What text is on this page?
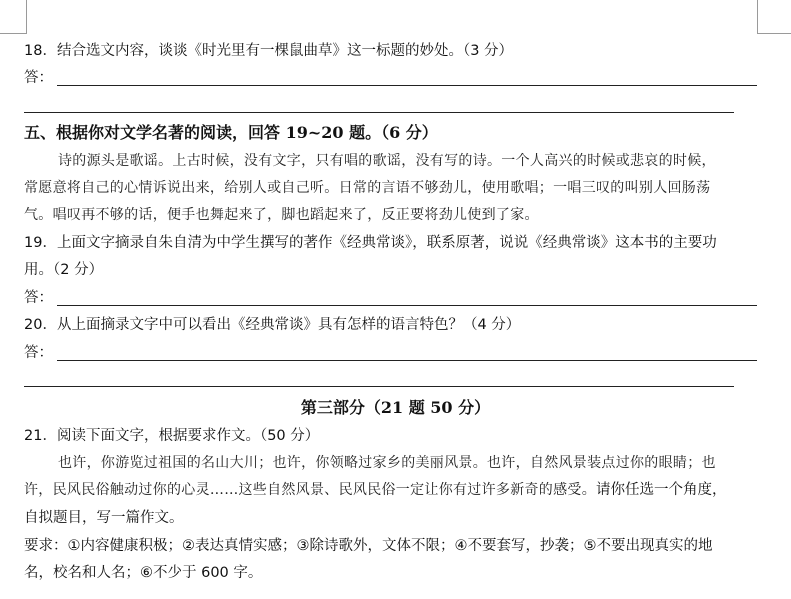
18．结合选文内容，谈谈《时光里有一棵鼠曲草》这一标题的妙处。（3 分）
答：
五、根据你对文学名著的阅读，回答 19~20 题。（6 分）
诗的源头是歌谣。上古时候，没有文字，只有唱的歌谣，没有写的诗。一个人高兴的时候或悲哀的时候，
常愿意将自己的心情诉说出来，给别人或自己听。日常的言语不够劲儿，使用歌唱；一唱三叹的叫别人回肠荡
气。唱叹再不够的话，便手也舞起来了，脚也蹈起来了，反正要将劲儿使到了家。
19．上面文字摘录自朱自清为中学生撰写的著作《经典常谈》，联系原著，说说《经典常谈》这本书的主要功
用。（2 分）
答：
20．从上面摘录文字中可以看出《经典常谈》具有怎样的语言特色？（4 分）
答：
第三部分（21 题 50 分）
21．阅读下面文字，根据要求作文。（50 分）
也许，你游览过祖国的名山大川；也许，你领略过家乡的美丽风景。也许，自然风景装点过你的眼睛；也
许，民风民俗触动过你的心灵……这些自然风景、民风民俗一定让你有过许多新奇的感受。请你任选一个角度，
自拟题目，写一篇作文。
要求：①内容健康积极；②表达真情实感；③除诗歌外，文体不限；④不要套写，抄袭；⑤不要出现真实的地
名，校名和人名；⑥不少于 600 字。
